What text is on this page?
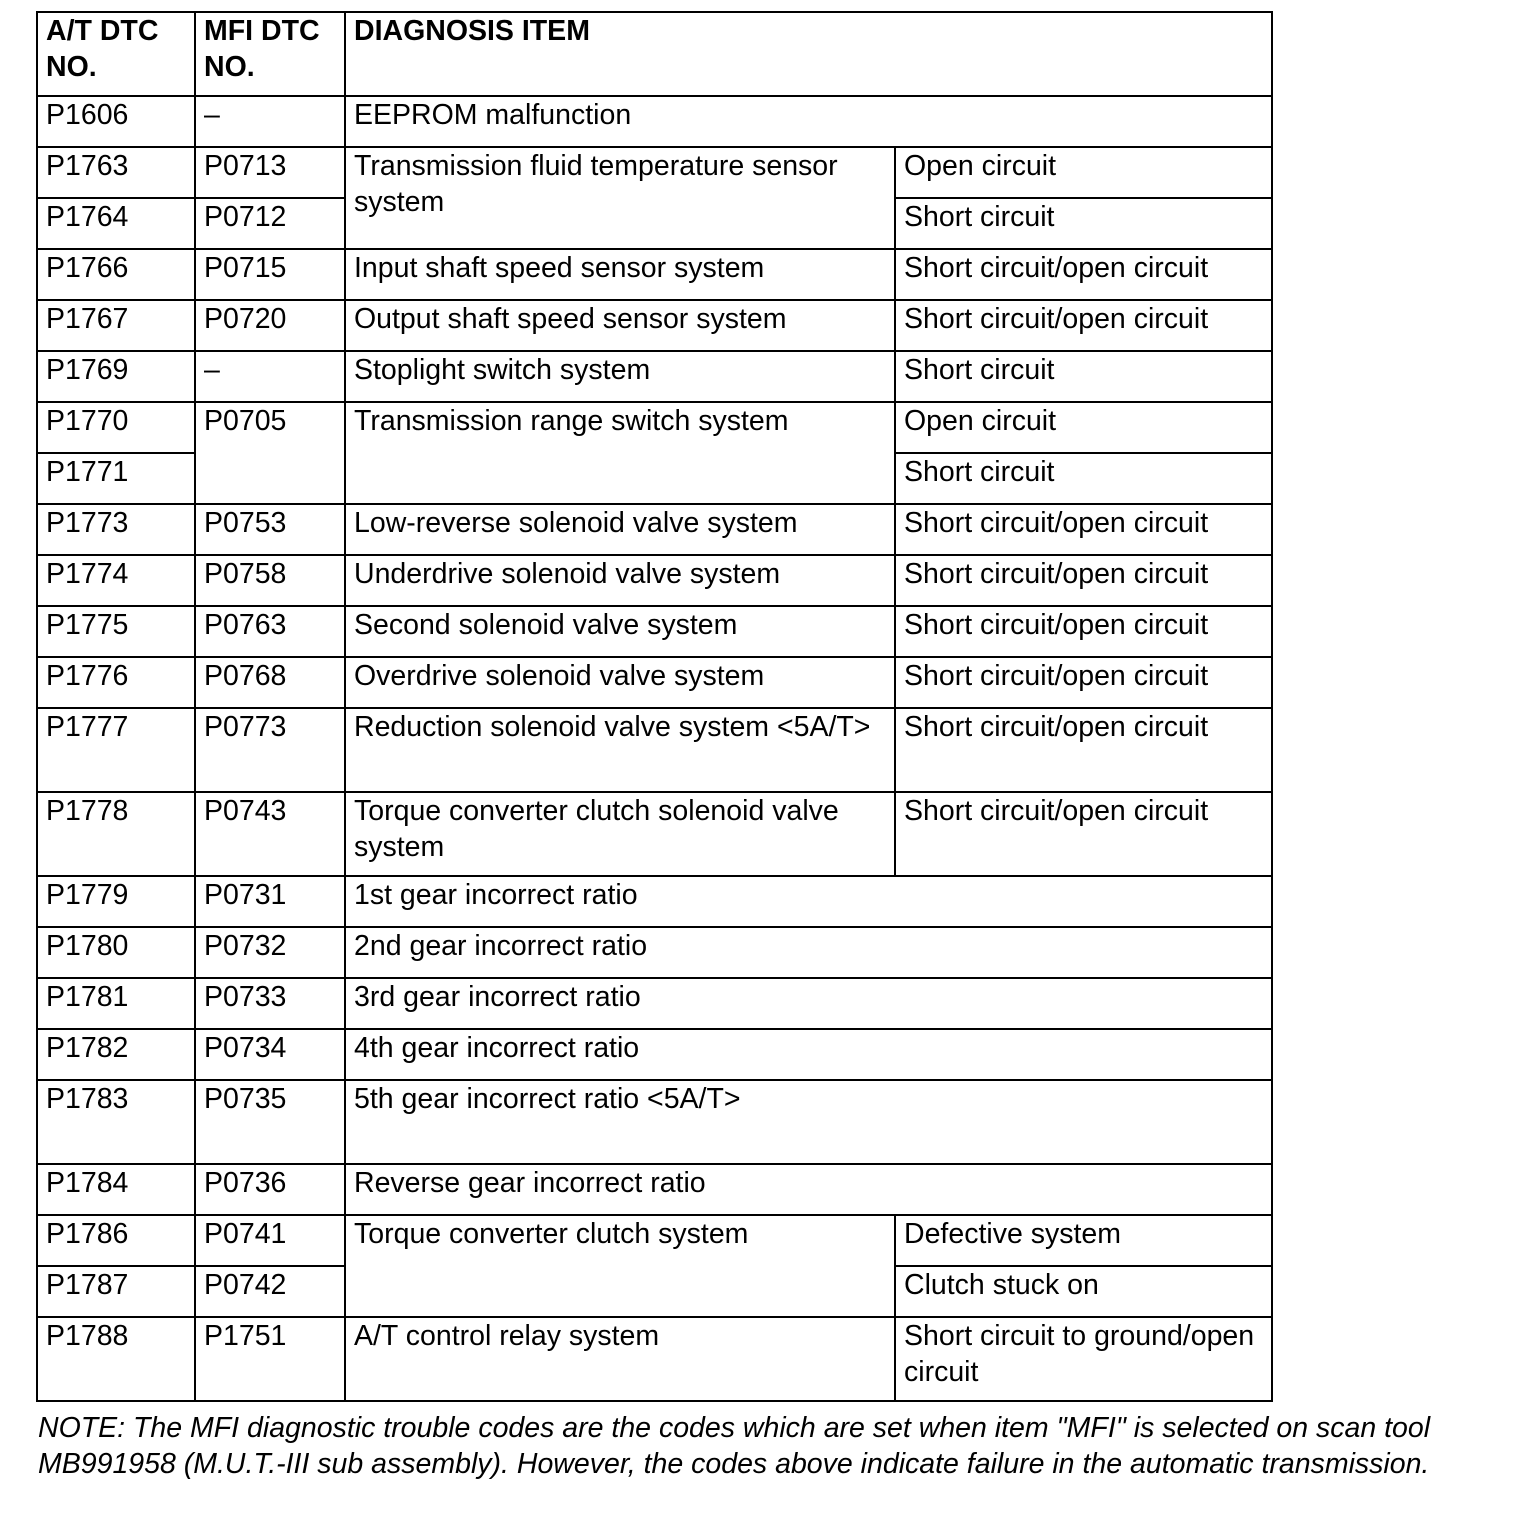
A/T DTC NO.	MFI DTC NO.	DIAGNOSIS ITEM	
P1606	–	EEPROM malfunction	
P1763	P0713	Transmission fluid temperature sensor system	Open circuit
P1764	P0712		Short circuit
P1766	P0715	Input shaft speed sensor system	Short circuit/open circuit
P1767	P0720	Output shaft speed sensor system	Short circuit/open circuit
P1769	–	Stoplight switch system	Short circuit
P1770	P0705	Transmission range switch system	Open circuit
P1771			Short circuit
P1773	P0753	Low-reverse solenoid valve system	Short circuit/open circuit
P1774	P0758	Underdrive solenoid valve system	Short circuit/open circuit
P1775	P0763	Second solenoid valve system	Short circuit/open circuit
P1776	P0768	Overdrive solenoid valve system	Short circuit/open circuit
P1777	P0773	Reduction solenoid valve system <5A/T>	Short circuit/open circuit
P1778	P0743	Torque converter clutch solenoid valve system	Short circuit/open circuit
P1779	P0731	1st gear incorrect ratio	
P1780	P0732	2nd gear incorrect ratio	
P1781	P0733	3rd gear incorrect ratio	
P1782	P0734	4th gear incorrect ratio	
P1783	P0735	5th gear incorrect ratio <5A/T>	
P1784	P0736	Reverse gear incorrect ratio	
P1786	P0741	Torque converter clutch system	Defective system
P1787	P0742		Clutch stuck on
P1788	P1751	A/T control relay system	Short circuit to ground/open circuit

NOTE: The MFI diagnostic trouble codes are the codes which are set when item "MFI" is selected on scan tool MB991958 (M.U.T.-III sub assembly). However, the codes above indicate failure in the automatic transmission.
